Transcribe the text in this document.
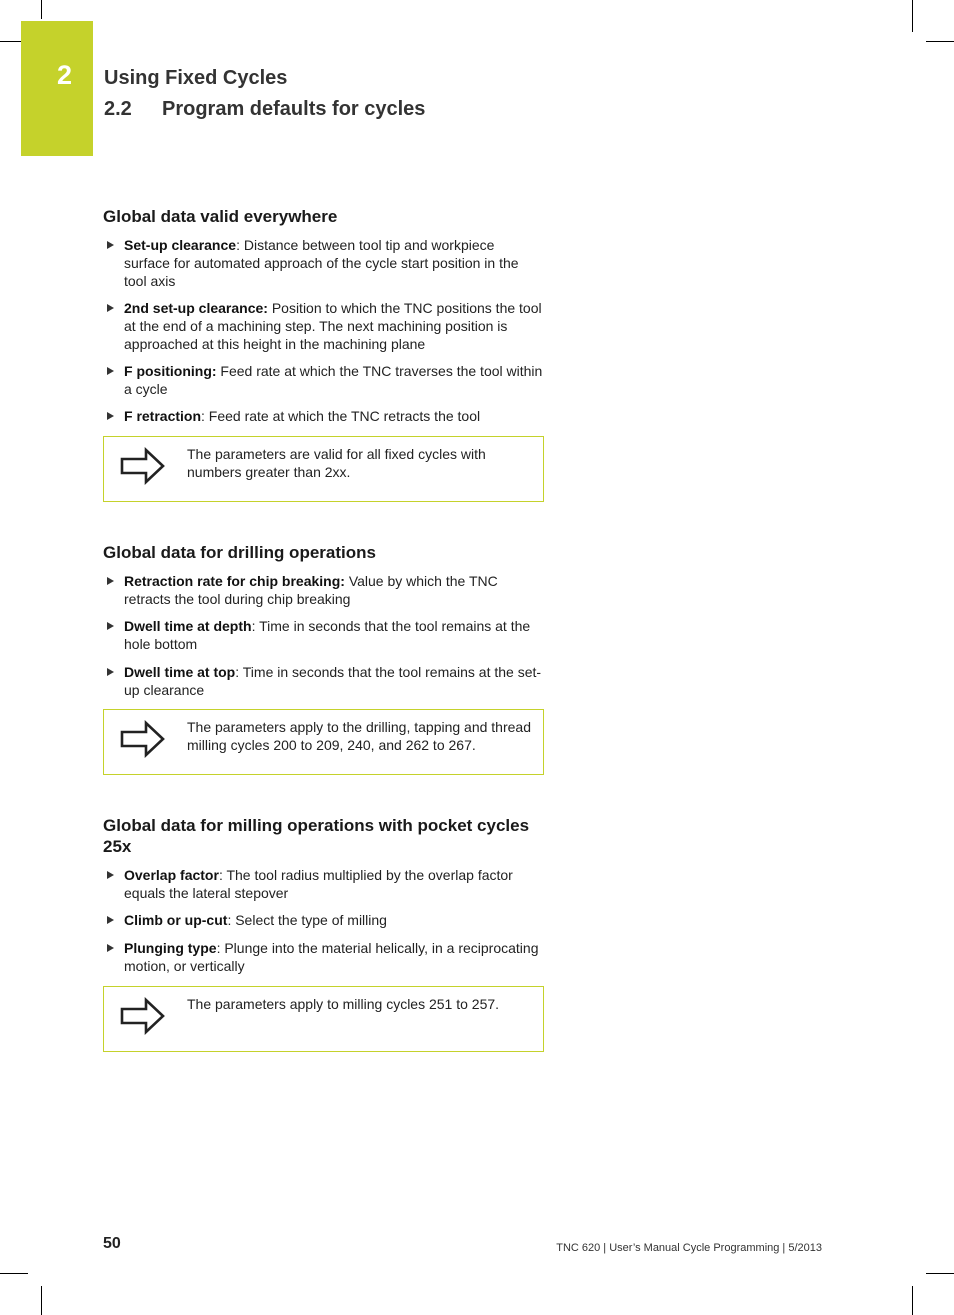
2 Using Fixed Cycles
2.2 Program defaults for cycles
Global data valid everywhere
Set-up clearance: Distance between tool tip and workpiece surface for automated approach of the cycle start position in the tool axis
2nd set-up clearance: Position to which the TNC positions the tool at the end of a machining step. The next machining position is approached at this height in the machining plane
F positioning: Feed rate at which the TNC traverses the tool within a cycle
F retraction: Feed rate at which the TNC retracts the tool
The parameters are valid for all fixed cycles with numbers greater than 2xx.
Global data for drilling operations
Retraction rate for chip breaking: Value by which the TNC retracts the tool during chip breaking
Dwell time at depth: Time in seconds that the tool remains at the hole bottom
Dwell time at top: Time in seconds that the tool remains at the set-up clearance
The parameters apply to the drilling, tapping and thread milling cycles 200 to 209, 240, and 262 to 267.
Global data for milling operations with pocket cycles 25x
Overlap factor: The tool radius multiplied by the overlap factor equals the lateral stepover
Climb or up-cut: Select the type of milling
Plunging type: Plunge into the material helically, in a reciprocating motion, or vertically
The parameters apply to milling cycles 251 to 257.
50	TNC 620 | User’s Manual Cycle Programming | 5/2013
